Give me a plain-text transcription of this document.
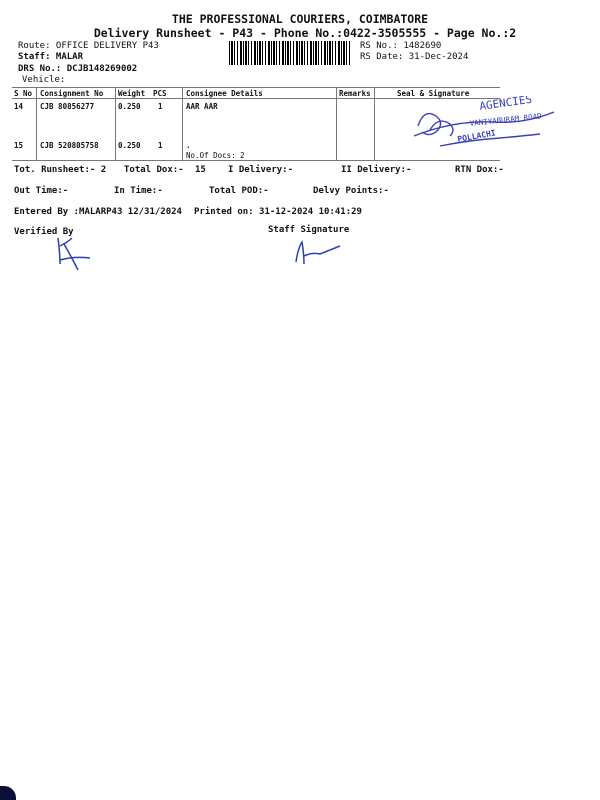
THE PROFESSIONAL COURIERS, COIMBATORE
Delivery Runsheet - P43 - Phone No.:0422-3505555 - Page No.:2
Route: OFFICE DELIVERY P43
Staff: MALAR
DRS No.: DCJB148269002
Vehicle:
RS No.: 1482690
RS Date: 31-Dec-2024
S No Consignment No Weight PCS	Consignee Details	Remarks	Seal & Signature
14 CJB 80856277	0.250 1	AAR AAR
15 CJB 520805758	0.250 1	.
No.Of Docs: 2
AGENCIES
VANIYABURAM ROAD
POLLACHI
Tot. Runsheet:- 2 Total Dox:- 15 I Delivery:-	II Delivery:-	RTN Dox:-
Out Time:-	In Time:-	Total POD:-	Delvy Points:-
Entered By :MALARP43 12/31/2024 Printed on: 31-12-2024 10:41:29
Verified By	Staff Signature
